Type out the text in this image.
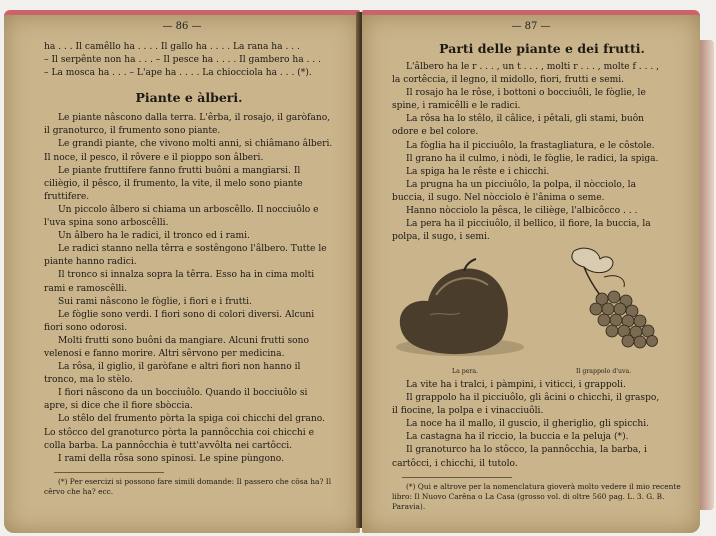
— 86 —

ha . . . Il camêllo ha . . . . Il gallo ha . . . . La rana ha . . .

– Il serpênte non ha . . . – Il pesce ha . . . . Il gambero ha . . .

– La mosca ha . . . – L'ape ha . . . . La chiocciola ha . . . (*).

Piante e àlberi.

Le piante nâscono dalla terra. L'êrba, il rosajo, il garòfano, il granoturco, il frumento sono piante.

Le grandi piante, che vivono molti anni, si chiâmano âlberi. Il noce, il pesco, il rôvere e il pioppo son âlberi.

Le piante fruttifere fanno frutti buôni a mangiarsi. Il ciliègio, il pêsco, il frumento, la vite, il melo sono piante fruttifere.

Un piccolo âlbero si chiama un arboscêllo. Il nocciuôlo e l'uva spina sono arboscêlli.

Un âlbero ha le radici, il tronco ed i rami.

Le radici stanno nella têrra e sostêngono l'âlbero. Tutte le piante hanno radici.

Il tronco si innalza sopra la têrra. Esso ha in cima molti rami e ramoscêlli.

Sui rami nâscono le fòglie, i fiori e i frutti.

Le fòglie sono verdi. I fiori sono di colori diversi. Alcuni fiori sono odorosi.

Molti frutti sono buôni da mangiare. Alcuni frutti sono velenosi e fanno morire. Altri sêrvono per medicina.

La rôsa, il giglio, il garòfane e altri fiori non hanno il tronco, ma lo stèlo.

I fiori nâscono da un bocciuôlo. Quando il bocciuôlo si apre, si dice che il fiore sbòccia.

Lo stêlo del frumento pòrta la spiga coi chicchi del grano. Lo stôcco del granoturco pòrta la pannôcchia coi chicchi e colla barba. La pannôcchia è tutt'avvôlta nei cartôcci.

I rami della rôsa sono spinosi. Le spine pùngono.

(*) Per esercizi si possono fare simili domande: Il passero che côsa ha? Il cêrvo che ha? ecc.

— 87 —

Parti delle piante e dei frutti.

L'âlbero ha le r . . . , un t . . . , molti r . . . , molte f . . . ,

la cortêccia, il legno, il midollo, fiori, frutti e semi.

Il rosajo ha le rôse, i bottoni o bocciuôli, le fòglie, le

spine, i ramicêlli e le radici.

La rôsa ha lo stêlo, il câlice, i pêtali, gli stami, buôn

odore e bel colore.

La fòglia ha il picciuôlo, la frastagliatura, e le côstole.

Il grano ha il culmo, i nòdi, le fòglie, le radici, la spiga.

La spiga ha le rêste e i chicchi.

La prugna ha un picciuôlo, la polpa, il nòcciolo, la

buccia, il sugo. Nel nòcciolo è l'ânima o seme.

Hanno nòcciolo la pêsca, le ciliège, l'albicôcco . . .

La pera ha il picciuôlo, il bellico, il fiore, la buccia, la

polpa, il sugo, i semi.

La pera.	Il grappolo d'uva.

La vite ha i tralci, i pàmpini, i viticci, i grappoli.

Il grappolo ha il picciuôlo, gli âcini o chicchi, il graspo,

il fiocine, la polpa e i vinacciuôli.

La noce ha il mallo, il guscio, il gheriglio, gli spicchi.

La castagna ha il riccio, la buccia e la peluja (*).

Il granoturco ha lo stôcco, la pannôcchia, la barba, i

cartôcci, i chicchi, il tutolo.

(*) Qui e altrove per la nomenclatura gioverà molto vedere il mio recente libro: Il Nuovo Carêna o La Casa (grosso vol. di oltre 560 pag. L. 3. G. B. Paravia).
